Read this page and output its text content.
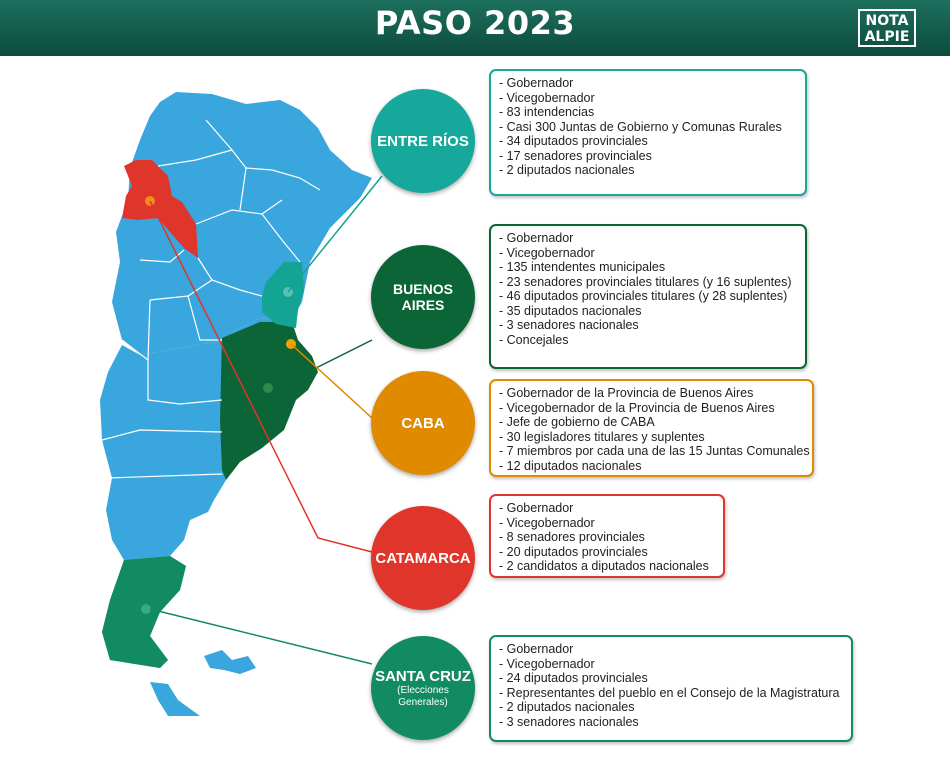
PASO 2023	NOTA
ALPIE
ENTRE RÍOS
BUENOS AIRES
CABA
CATAMARCA
SANTA CRUZ
(Elecciones
Generales)
- Gobernador
- Vicegobernador
- 83 intendencias
- Casi 300 Juntas de Gobierno y Comunas Rurales
- 34 diputados provinciales
- 17 senadores provinciales
- 2 diputados nacionales
- Gobernador
- Vicegobernador
- 135 intendentes municipales
- 23 senadores provinciales titulares (y 16 suplentes)
- 46 diputados provinciales titulares (y 28 suplentes)
- 35 diputados nacionales
- 3 senadores nacionales
- Concejales
- Gobernador de la Provincia de Buenos Aires
- Vicegobernador de la Provincia de Buenos Aires
- Jefe de gobierno de CABA
- 30 legisladores titulares y suplentes
- 7 miembros por cada una de las 15 Juntas Comunales
- 12 diputados nacionales
- Gobernador
- Vicegobernador
- 8 senadores provinciales
- 20 diputados provinciales
- 2 candidatos a diputados nacionales
- Gobernador
- Vicegobernador
- 24 diputados provinciales
- Representantes del pueblo en el Consejo de la Magistratura
- 2 diputados nacionales
- 3 senadores nacionales
